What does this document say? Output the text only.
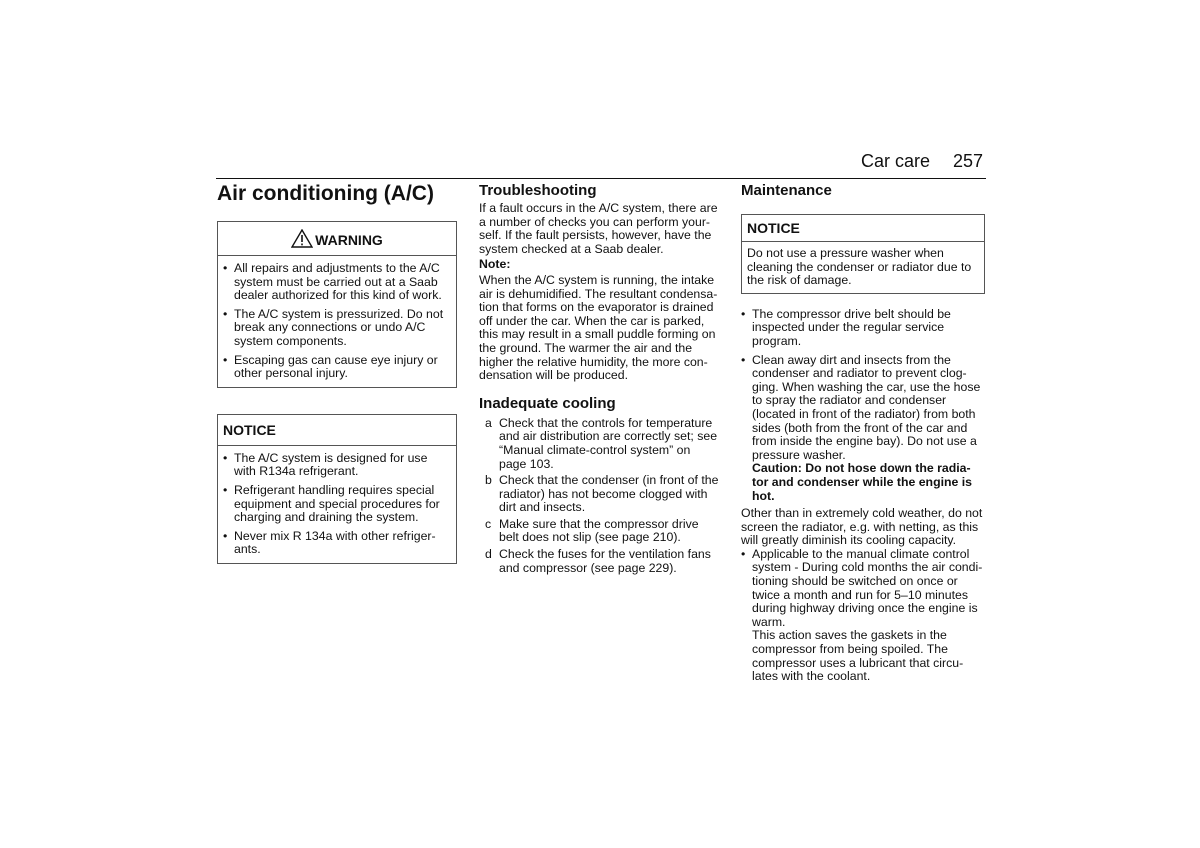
Car care 257
Air conditioning (A/C)
WARNING
• All repairs and adjustments to the A/C system must be carried out at a Saab dealer authorized for this kind of work.
• The A/C system is pressurized. Do not break any connections or undo A/C system components.
• Escaping gas can cause eye injury or other personal injury.
NOTICE
• The A/C system is designed for use with R134a refrigerant.
• Refrigerant handling requires special equipment and special procedures for charging and draining the system.
• Never mix R 134a with other refriger-ants.
Troubleshooting

If a fault occurs in the A/C system, there are a number of checks you can perform your-self. If the fault persists, however, have the system checked at a Saab dealer.

Note:

When the A/C system is running, the intake air is dehumidified. The resultant condensa-tion that forms on the evaporator is drained off under the car. When the car is parked, this may result in a small puddle forming on the ground. The warmer the air and the higher the relative humidity, the more con-densation will be produced.

Inadequate cooling
a Check that the controls for temperature and air distribution are correctly set; see “Manual climate-control system” on page 103.
b Check that the condenser (in front of the radiator) has not become clogged with dirt and insects.
c Make sure that the compressor drive belt does not slip (see page 210).
d Check the fuses for the ventilation fans and compressor (see page 229).
Maintenance
NOTICE
Do not use a pressure washer when cleaning the condenser or radiator due to the risk of damage.
• The compressor drive belt should be inspected under the regular service program.
• Clean away dirt and insects from the condenser and radiator to prevent clog-ging. When washing the car, use the hose to spray the radiator and condenser (located in front of the radiator) from both sides (both from the front of the car and from inside the engine bay). Do not use a pressure washer.
Caution: Do not hose down the radia-tor and condenser while the engine is hot.

Other than in extremely cold weather, do not screen the radiator, e.g. with netting, as this will greatly diminish its cooling capacity.

• Applicable to the manual climate control system - During cold months the air condi-tioning should be switched on once or twice a month and run for 5–10 minutes during highway driving once the engine is warm.
This action saves the gaskets in the compressor from being spoiled. The compressor uses a lubricant that circu-lates with the coolant.
